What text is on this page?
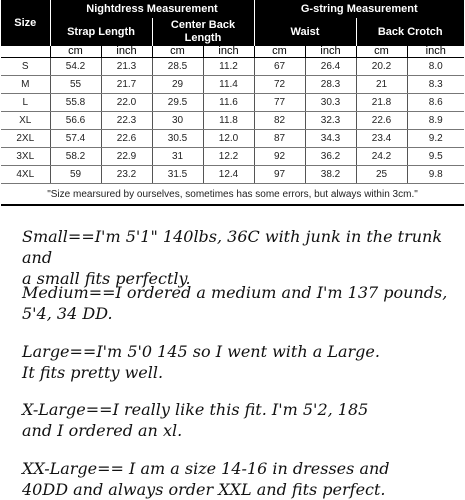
Size	Nightdress Measurement				G-string Measurement			
	Strap Length		Center Back Length		Waist		Back Crotch	
	cm	inch	cm	inch	cm	inch	cm	inch
S	54.2	21.3	28.5	11.2	67	26.4	20.2	8.0
M	55	21.7	29	11.4	72	28.3	21	8.3
L	55.8	22.0	29.5	11.6	77	30.3	21.8	8.6
XL	56.6	22.3	30	11.8	82	32.3	22.6	8.9
2XL	57.4	22.6	30.5	12.0	87	34.3	23.4	9.2
3XL	58.2	22.9	31	12.2	92	36.2	24.2	9.5
4XL	59	23.2	31.5	12.4	97	38.2	25	9.8
"Size mearsured by ourselves, sometimes has some errors, but always within 3cm."								
Small==I'm 5'1" 140lbs, 36C with junk in the trunk and
a small fits perfectly.
Medium==I ordered a medium and I'm 137 pounds,
5'4, 34 DD.
Large==I'm 5'0 145 so I went with a Large.
It fits pretty well.
X-Large==I really like this fit. I'm 5'2, 185
and I ordered an xl.
XX-Large== I am a size 14-16 in dresses and
40DD and always order XXL and fits perfect.
